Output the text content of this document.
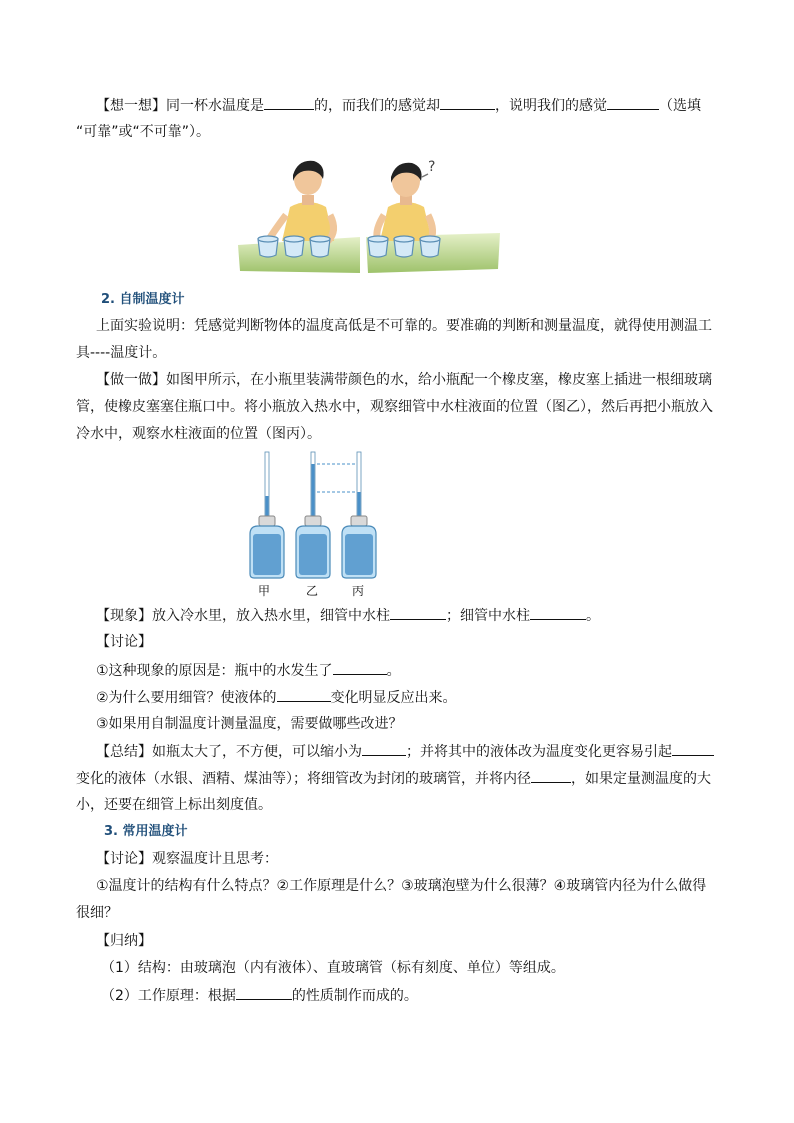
【想一想】同一杯水温度是	的，而我们的感觉却	，说明我们的感觉	（选填
“可靠”或“不可靠”）。
?
2. 自制温度计
上面实验说明：凭感觉判断物体的温度高低是不可靠的。要准确的判断和测量温度，就得使用测温工
具----温度计。
【做一做】如图甲所示，在小瓶里装满带颜色的水，给小瓶配一个橡皮塞，橡皮塞上插进一根细玻璃
管，使橡皮塞塞住瓶口中。将小瓶放入热水中，观察细管中水柱液面的位置（图乙），然后再把小瓶放入
冷水中，观察水柱液面的位置（图丙）。
甲	乙	丙
【现象】放入冷水里，放入热水里，细管中水柱	；细管中水柱	。
【讨论】
①这种现象的原因是：瓶中的水发生了	。
②为什么要用细管？使液体的	变化明显反应出来。
③如果用自制温度计测量温度，需要做哪些改进？
【总结】如瓶太大了，不方便，可以缩小为	；并将其中的液体改为温度变化更容易引起
变化的液体（水银、酒精、煤油等）；将细管改为封闭的玻璃管，并将内径	，如果定量测温度的大
小，还要在细管上标出刻度值。
3. 常用温度计
【讨论】观察温度计且思考：
①温度计的结构有什么特点？②工作原理是什么？③玻璃泡壁为什么很薄？④玻璃管内径为什么做得
很细？
【归纳】
（1）结构：由玻璃泡（内有液体）、直玻璃管（标有刻度、单位）等组成。
（2）工作原理：根据	的性质制作而成的。
